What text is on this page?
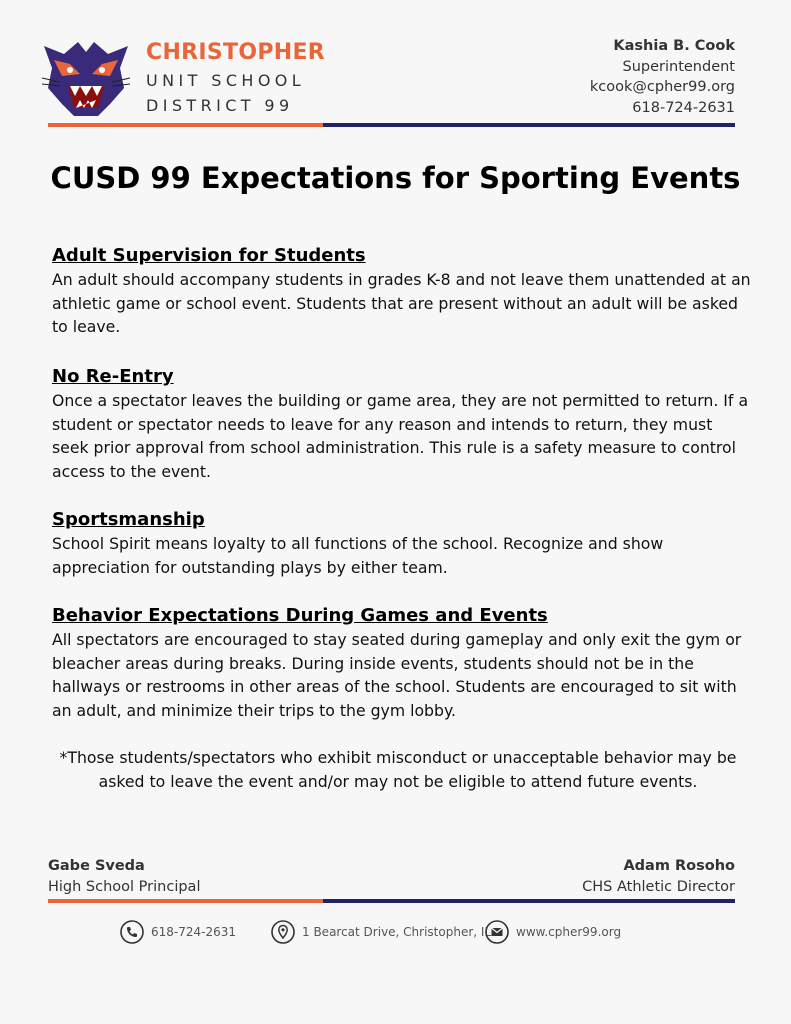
CHRISTOPHER
UNIT SCHOOL
DISTRICT 99
Kashia B. Cook
Superintendent
kcook@cpher99.org
618-724-2631
CUSD 99 Expectations for Sporting Events
Adult Supervision for Students

An adult should accompany students in grades K-8 and not leave them unattended at an athletic game or school event. Students that are present without an adult will be asked to leave.

No Re-Entry

Once a spectator leaves the building or game area, they are not permitted to return. If a student or spectator needs to leave for any reason and intends to return, they must seek prior approval from school administration. This rule is a safety measure to control access to the event.

Sportsmanship

School Spirit means loyalty to all functions of the school. Recognize and show appreciation for outstanding plays by either team.

Behavior Expectations During Games and Events

All spectators are encouraged to stay seated during gameplay and only exit the gym or bleacher areas during breaks. During inside events, students should not be in the hallways or restrooms in other areas of the school. Students are encouraged to sit with an adult, and minimize their trips to the gym lobby.

*Those students/spectators who exhibit misconduct or unacceptable behavior may be asked to leave the event and/or may not be eligible to attend future events.

Gabe Sveda
High School Principal
Adam Rosoho
CHS Athletic Director
618-724-2631	1 Bearcat Drive, Christopher, IL www.cpher99.org
